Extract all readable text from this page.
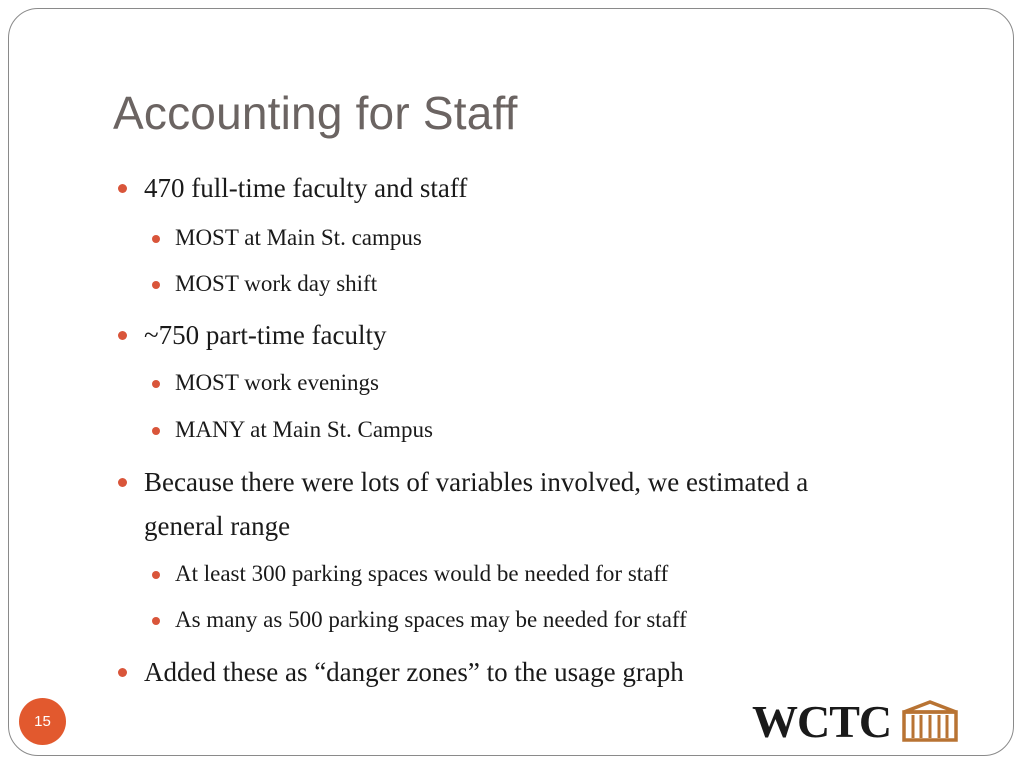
Accounting for Staff
470 full-time faculty and staff
MOST at Main St. campus
MOST work day shift
~750 part-time faculty
MOST work evenings
MANY at Main St. Campus
Because there were lots of variables involved, we estimated a
general range
At least 300 parking spaces would be needed for staff
As many as 500 parking spaces may be needed for staff
Added these as “danger zones” to the usage graph
15	WCTC
